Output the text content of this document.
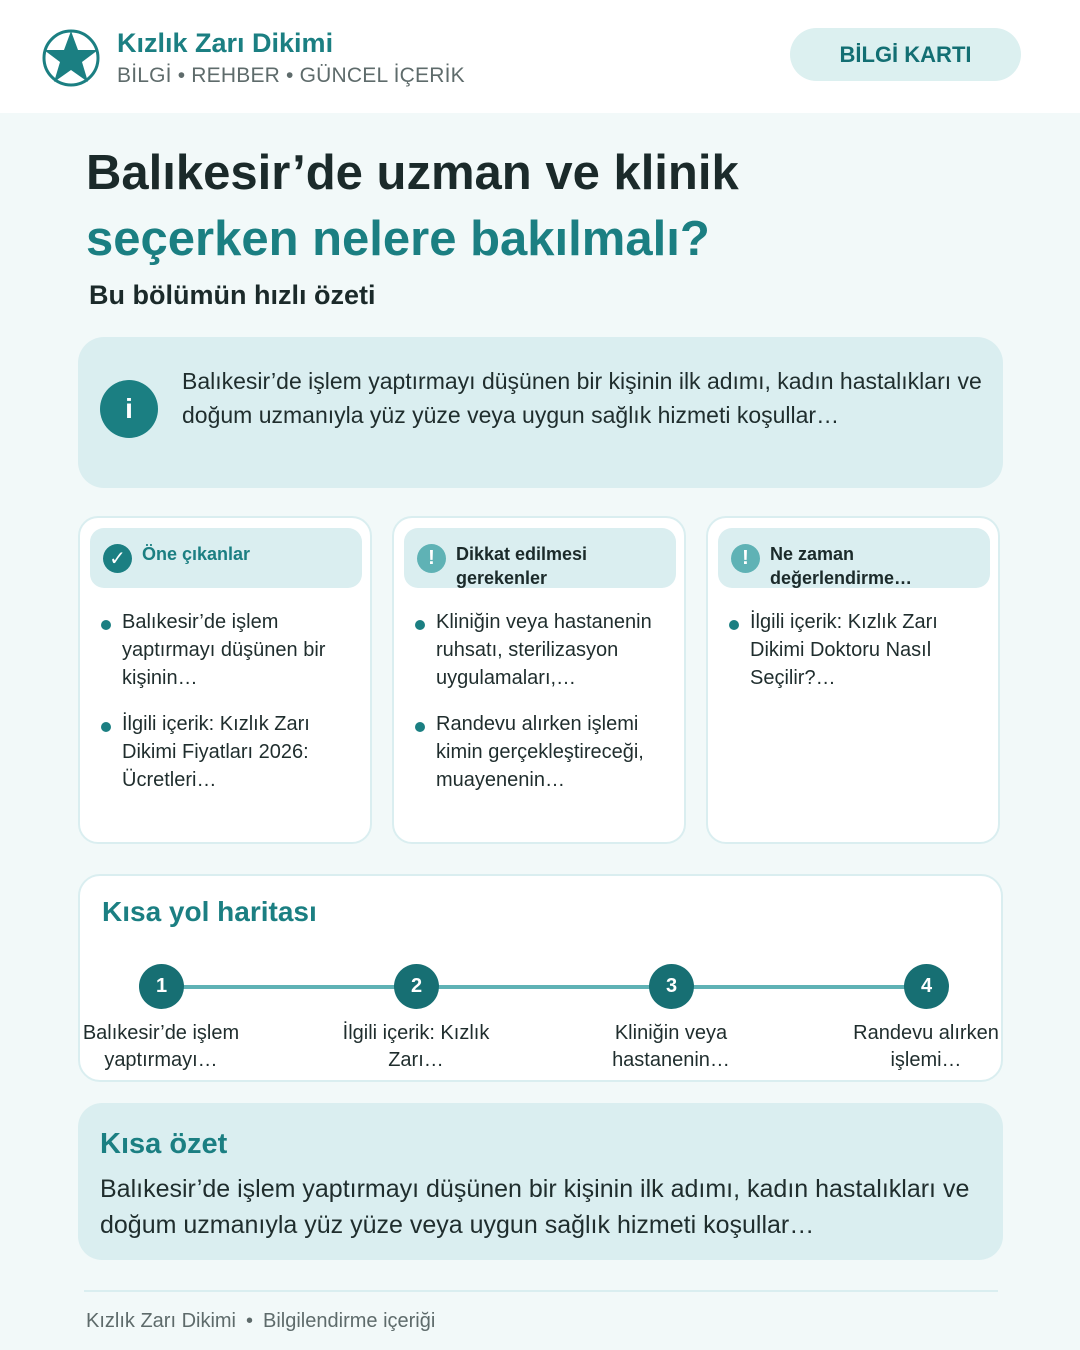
Kızlık Zarı Dikimi
BİLGİ • REHBER • GÜNCEL İÇERİK
BİLGİ KARTI
Balıkesir’de uzman ve klinik
seçerken nelere bakılmalı?
Bu bölümün hızlı özeti
i
Balıkesir’de işlem yaptırmayı düşünen bir kişinin ilk adımı, kadın hastalıkları ve doğum uzmanıyla yüz yüze veya uygun sağlık hizmeti koşullar…
✓ Öne çıkanlar
Balıkesir’de işlem yaptırmayı düşünen bir kişinin…
İlgili içerik: Kızlık Zarı Dikimi Fiyatları 2026: Ücretleri…
!	Dikkat edilmesi gerekenler
Kliniğin veya hastanenin ruhsatı, sterilizasyon uygulamaları,…
Randevu alırken işlemi kimin gerçekleştireceği, muayenenin…
!	Ne zaman değerlendirme…
İlgili içerik: Kızlık Zarı Dikimi Doktoru Nasıl Seçilir?…
Kısa yol haritası
1	2	3	4
Balıkesir’de işlem yaptırmayı…
İlgili içerik: Kızlık Zarı…
Kliniğin veya hastanenin…
Randevu alırken işlemi…
Kısa özet
Balıkesir’de işlem yaptırmayı düşünen bir kişinin ilk adımı, kadın hastalıkları ve doğum uzmanıyla yüz yüze veya uygun sağlık hizmeti koşullar…
Kızlık Zarı Dikimi • Bilgilendirme içeriği
